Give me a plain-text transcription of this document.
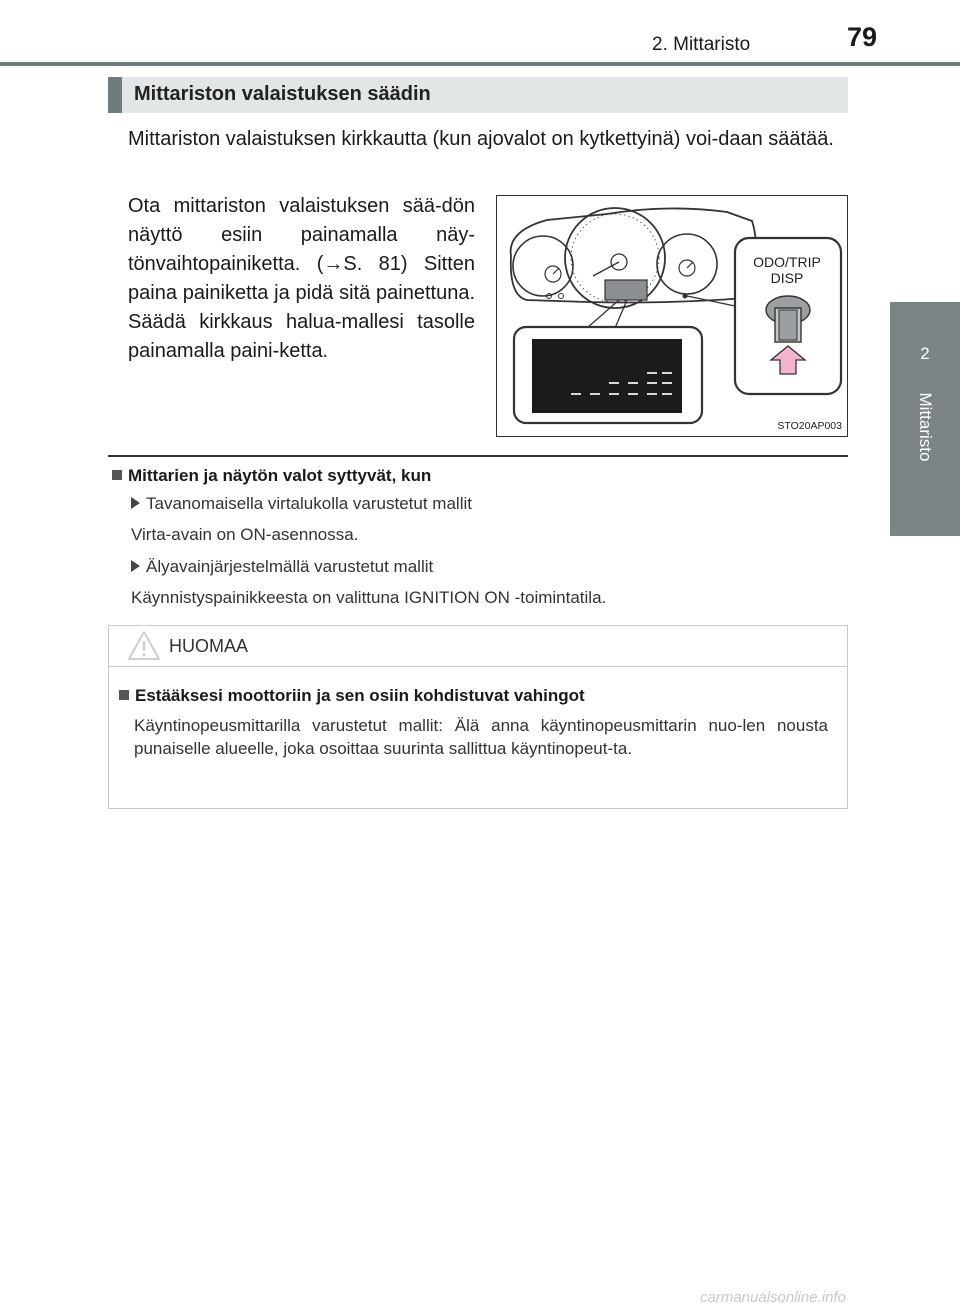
2. Mittaristo	79
2
Mittaristo
Mittariston valaistuksen säädin
Mittariston valaistuksen kirkkautta (kun ajovalot on kytkettyinä) voi-daan säätää.
Ota mittariston valaistuksen sää-dön näyttö esiin painamalla näy-tönvaihtopainiketta. (→S. 81) Sitten paina painiketta ja pidä sitä painettuna. Säädä kirkkaus halua-mallesi tasolle painamalla paini-ketta.
ODO/TRIP
DISP
STO20AP003
Mittarien ja näytön valot syttyvät, kun
Tavanomaisella virtalukolla varustetut mallit
Virta-avain on ON-asennossa.
Älyavainjärjestelmällä varustetut mallit
Käynnistyspainikkeesta on valittuna IGNITION ON -toimintatila.
HUOMAA
Estääksesi moottoriin ja sen osiin kohdistuvat vahingot
Käyntinopeusmittarilla varustetut mallit: Älä anna käyntinopeusmittarin nuo-len nousta punaiselle alueelle, joka osoittaa suurinta sallittua käyntinopeut-ta.
carmanualsonline.info
